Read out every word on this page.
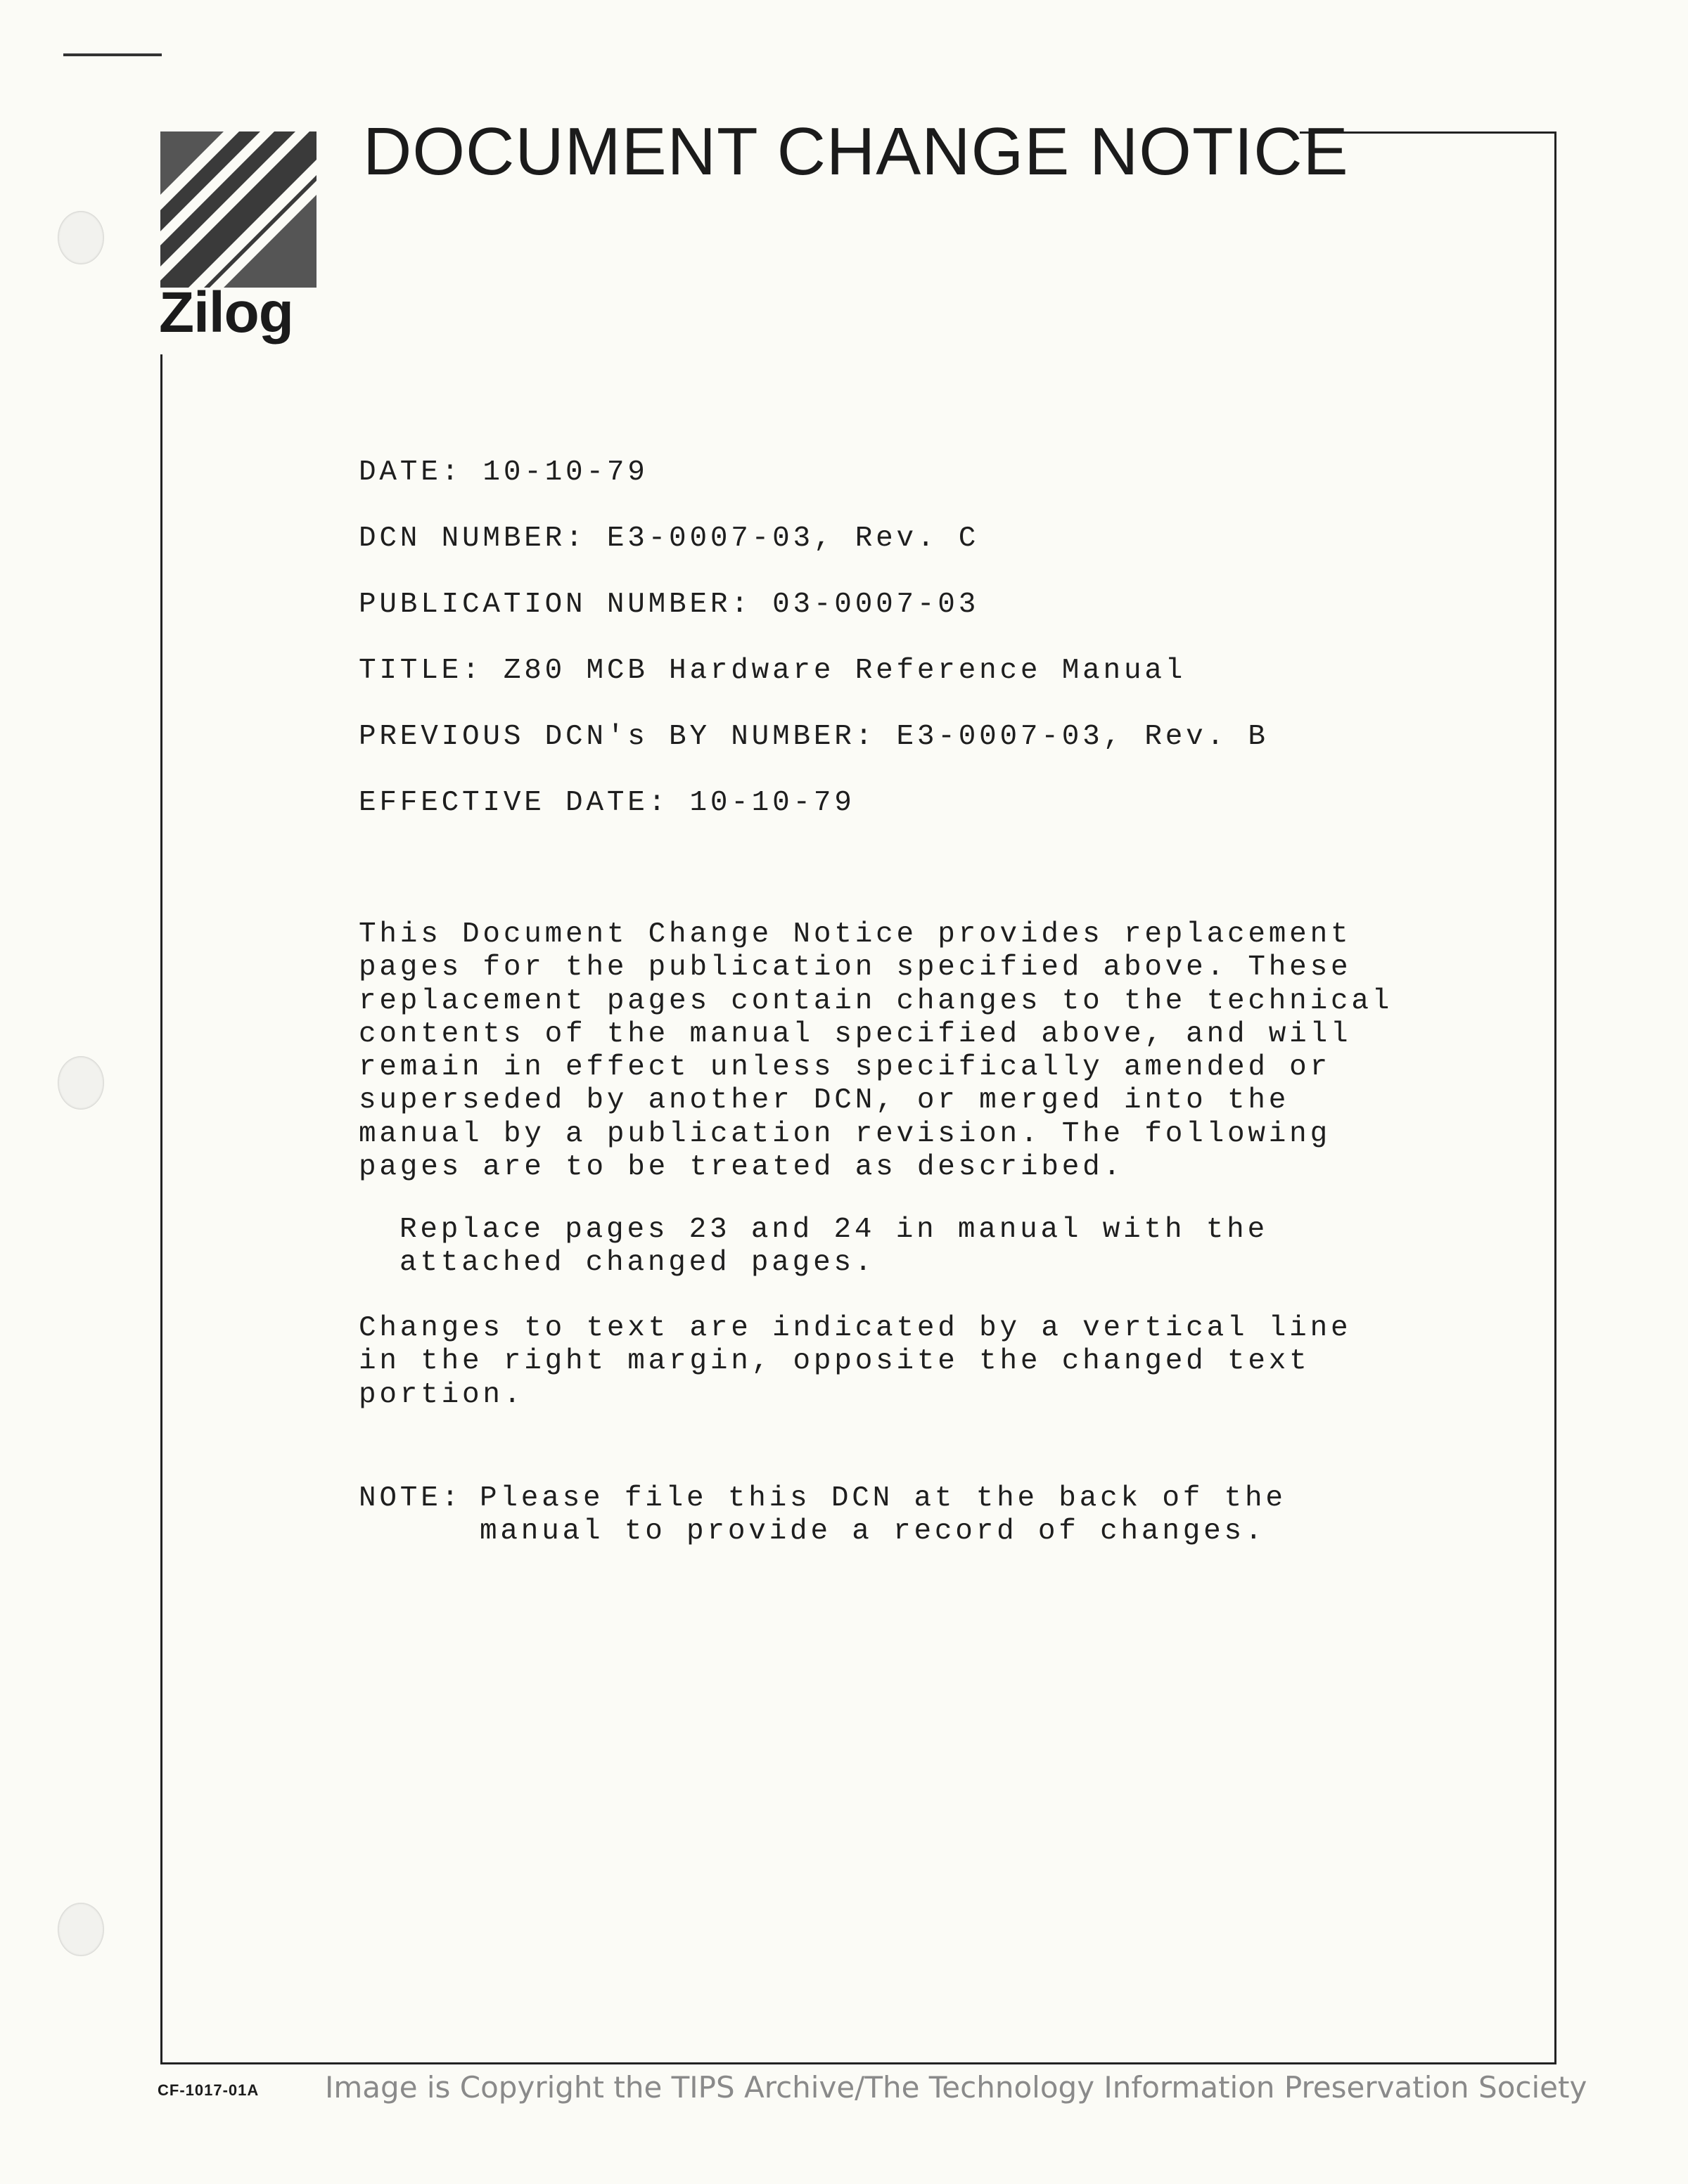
Zilog
DOCUMENT CHANGE NOTICE
DATE: 10-10-79
DCN NUMBER: E3-0007-03, Rev. C
PUBLICATION NUMBER: 03-0007-03
TITLE: Z80 MCB Hardware Reference Manual
PREVIOUS DCN's BY NUMBER: E3-0007-03, Rev. B
EFFECTIVE DATE: 10-10-79
This Document Change Notice provides replacement
pages for the publication specified above. These
replacement pages contain changes to the technical
contents of the manual specified above, and will
remain in effect unless specifically amended or
superseded by another DCN, or merged into the
manual by a publication revision. The following
pages are to be treated as described.
Replace pages 23 and 24 in manual with the
attached changed pages.
Changes to text are indicated by a vertical line
in the right margin, opposite the changed text
portion.
NOTE: Please file this DCN at the back of the
manual to provide a record of changes.
CF-1017-01A Image is Copyright the TIPS Archive/The Technology Information Preservation Society
